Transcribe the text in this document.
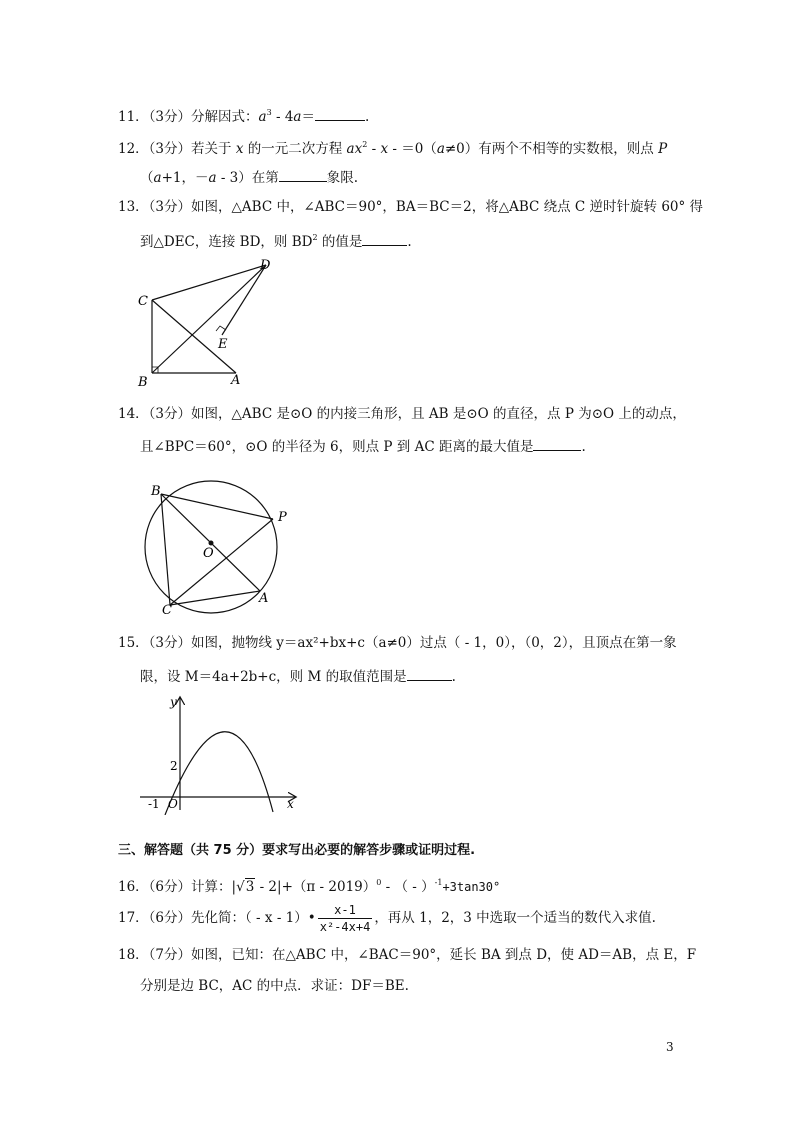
11．（3分）分解因式：$a^3 - 4a=$	.
12．（3分）若关于 x 的一元二次方程 $ax^2 - x - =0(a\ne 0)$有两个不相等的实数根，则点 P
（a+1，－a - 3）在第	象限.
13．（3分）如图，△ABC 中，∠ABC＝90°，BA＝BC＝2，将△ABC 绕点 C 逆时针旋转 60° 得
到△DEC，连接 BD，则 $BD^2$ 的值是	.
C
D
E
B	A
14．（3分）如图，△ABC 是⊙O 的内接三角形，且 AB 是⊙O 的直径，点 P 为⊙O 上的动点，
且∠BPC＝60°，⊙O 的半径为 6，则点 P 到 AC 距离的最大值是	.
B
P
O
C
A
15．（3分）如图，抛物线 y＝ax²+bx+c（a≠0）过点（ - 1，0），（0，2），且顶点在第一象
限，设 M＝4a+2b+c，则 M 的取值范围是	.
y
x
2
-1 O
三、解答题（共 75 分）要求写出必要的解答步骤或证明过程.
16．（6分）计算：|√3 - 2|+（π - 2019）$^0$ - （ - ）$^{-1}$+3tan30°
17．（6分）先化简：（ - x - 1）• $\frac{x-1}{\text{x²-4x+4}}$ ，再从 1，2，3 中选取一个适当的数代入求值.
18．（7分）如图，已知：在△ABC 中，∠BAC＝90°，延长 BA 到点 D，使 AD＝AB，点 E，F
分别是边 BC，AC 的中点．求证：DF＝BE.
3
